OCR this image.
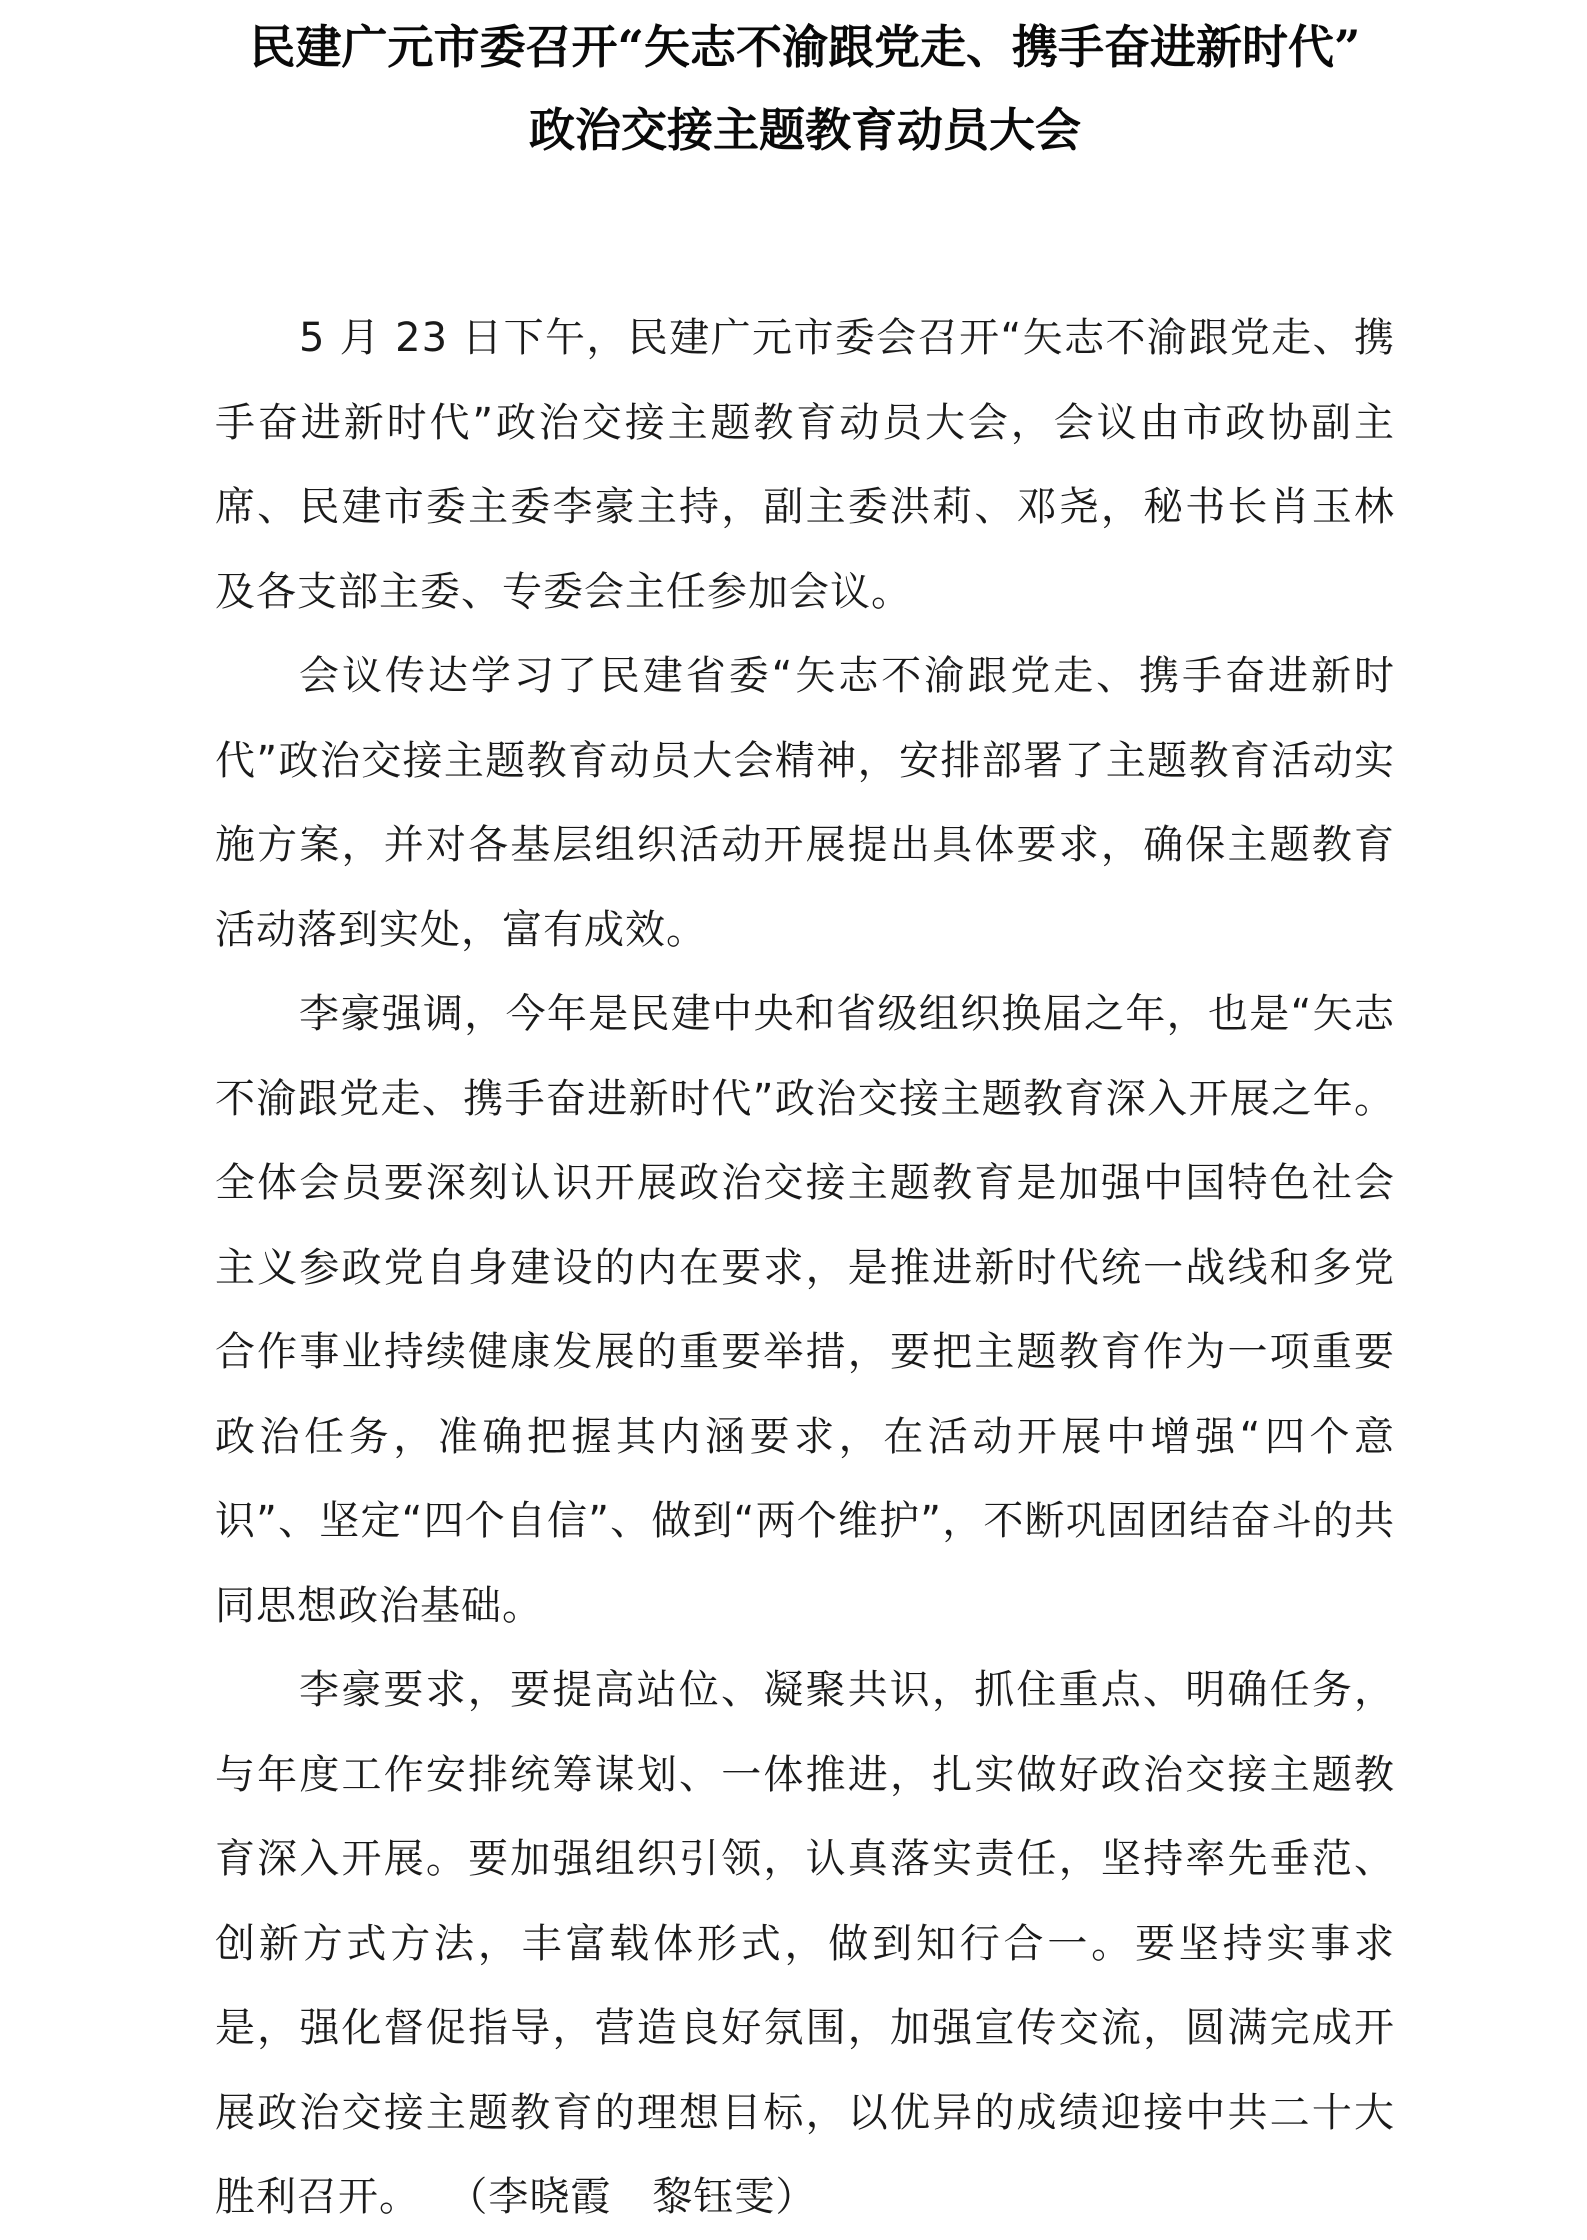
民建广元市委召开“矢志不渝跟党走、携手奋进新时代”
政治交接主题教育动员大会

5 月 23 日下午，民建广元市委会召开“矢志不渝跟党走、携手奋进新时代”政治交接主题教育动员大会，会议由市政协副主席、民建市委主委李豪主持，副主委洪莉、邓尧，秘书长肖玉林及各支部主委、专委会主任参加会议。

会议传达学习了民建省委“矢志不渝跟党走、携手奋进新时代”政治交接主题教育动员大会精神，安排部署了主题教育活动实施方案，并对各基层组织活动开展提出具体要求，确保主题教育活动落到实处，富有成效。

李豪强调，今年是民建中央和省级组织换届之年，也是“矢志不渝跟党走、携手奋进新时代”政治交接主题教育深入开展之年。全体会员要深刻认识开展政治交接主题教育是加强中国特色社会主义参政党自身建设的内在要求，是推进新时代统一战线和多党合作事业持续健康发展的重要举措，要把主题教育作为一项重要政治任务，准确把握其内涵要求，在活动开展中增强“四个意识”、坚定“四个自信”、做到“两个维护”，不断巩固团结奋斗的共同思想政治基础。

李豪要求，要提高站位、凝聚共识，抓住重点、明确任务，与年度工作安排统筹谋划、一体推进，扎实做好政治交接主题教育深入开展。要加强组织引领，认真落实责任，坚持率先垂范、创新方式方法，丰富载体形式，做到知行合一。要坚持实事求是，强化督促指导，营造良好氛围，加强宣传交流，圆满完成开展政治交接主题教育的理想目标，以优异的成绩迎接中共二十大胜利召开。  （李晓霞　黎钰雯）
